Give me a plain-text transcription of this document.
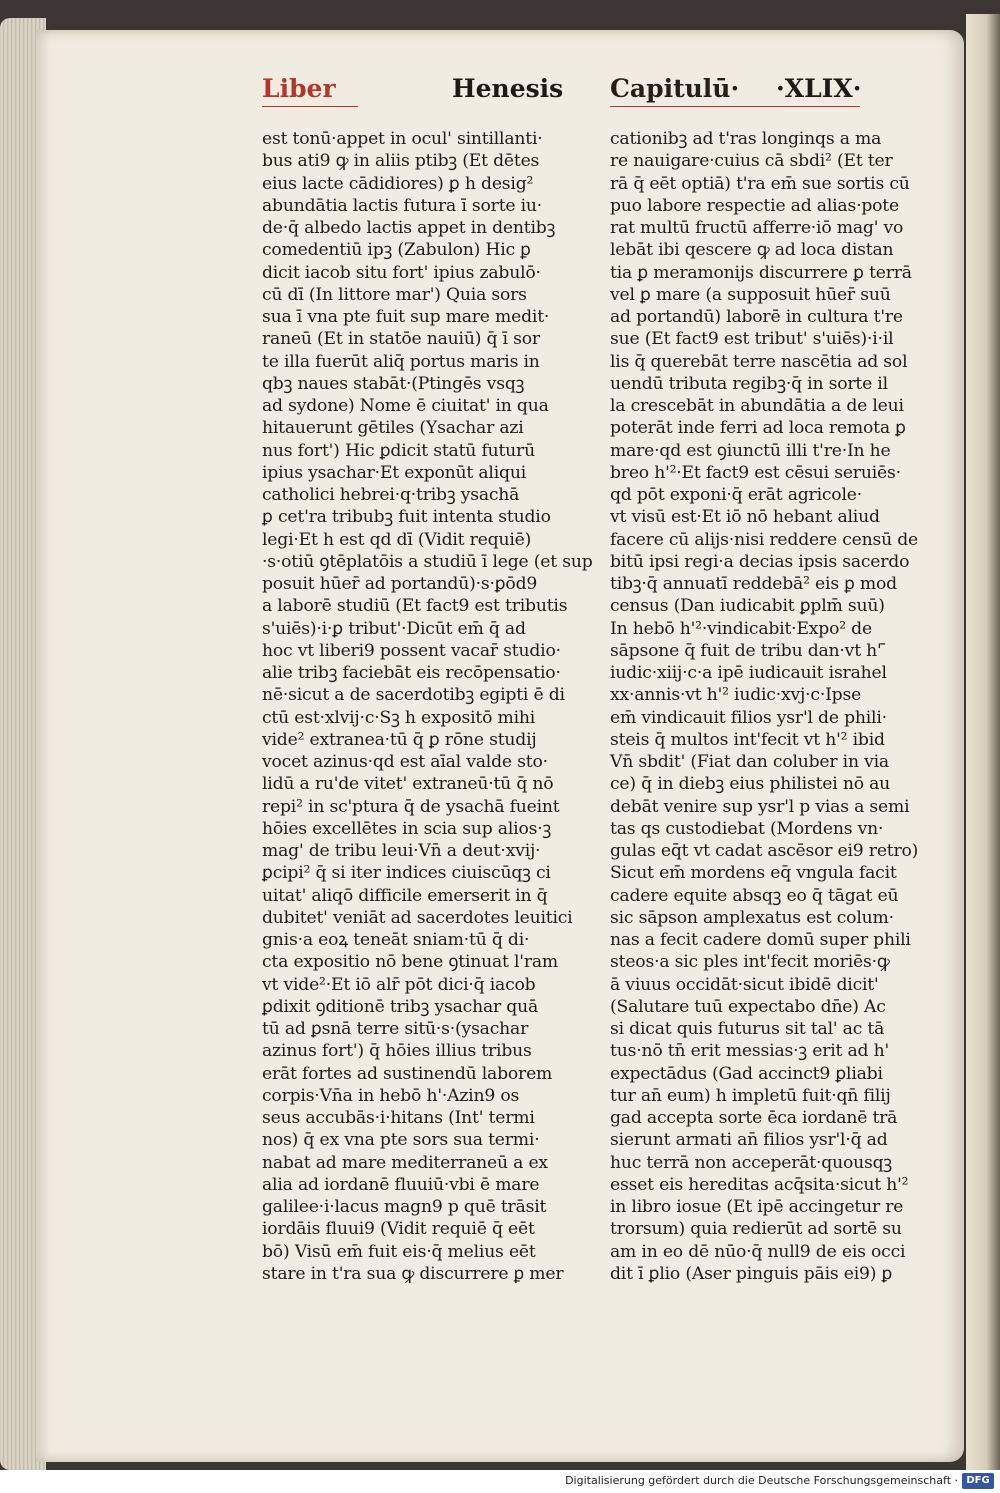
Liber	Henesis Capitulū· ·XLIX·
est tonū·appet in ocul' sintillanti·
bus ati9 ꝙ in aliis ptibꝫ (Et dētes
eius lacte cādidiores) ꝑ h desig²
abundātia lactis futura ī sorte iu·
de·q̄ albedo lactis appet in dentibꝫ
comedentiū ipꝫ (Zabulon) Hic ꝑ
dicit iacob situ fort' ipius zabulō·
cū dī (In littore mar') Quia sors
sua ī vna pte fuit sup mare medit·
raneū (Et in statōe nauiū) q̄ ī sor
te illa fuerūt aliq̄ portus maris in
qbꝫ naues stabāt·(Ptingēs vsqꝫ
ad sydone) Nome ē ciuitat' in qua
hitauerunt gētiles (Ysachar azi
nus fort') Hic ꝑdicit statū futurū
ipius ysachar·Et exponūt aliqui
catholici hebrei·q·tribꝫ ysachā
ꝑ cet'ra tribubꝫ fuit intenta studio
legi·Et h est qd dī (Vidit requiē)
·s·otiū ꝯtēplatōis a studiū ī lege (et sup
posuit hūer̄ ad portandū)·s·ꝑōd9
a laborē studiū (Et fact9 est tributis
s'uiēs)·i·ꝑ tribut'·Dicūt em̄ q̄ ad
hoc vt liberi9 possent vacar̄ studio·
alie tribꝫ faciebāt eis recōpensatio·
nē·sicut a de sacerdotibꝫ egipti ē di
ctū est·xlvij·c·Sꝫ h expositō mihi
vide² extranea·tū q̄ ꝑ rōne studij
vocet azinus·qd est aīal valde sto·
lidū a ru'de vitet' extraneū·tū q̄ nō
repi² in sc'ptura q̄ de ysachā fueint
hōies excellētes in scia sup alios·ꝫ
mag' de tribu leui·Vn̄ a deut·xvij·
ꝑcipi² q̄ si iter indices ciuiscūqꝫ ci
uitat' aliqō difficile emerserit in q̄
dubitet' veniāt ad sacerdotes leuitici
gnis·a eoꝝ teneāt sniam·tū q̄ di·
cta expositio nō bene ꝯtinuat l'ram
vt vide²·Et iō alr̄ pōt dici·q̄ iacob
ꝑdixit ꝯditionē tribꝫ ysachar quā
tū ad ꝑsnā terre sitū·s·(ysachar
azinus fort') q̄ hōies illius tribus
erāt fortes ad sustinendū laborem
corpis·Vn̄a in hebō h'·Azin9 os
seus accubās·i·hitans (Int' termi
nos) q̄ ex vna pte sors sua termi·
nabat ad mare mediterraneū a ex
alia ad iordanē fluuiū·vbi ē mare
galilee·i·lacus magn9 p quē trāsit
iordāis fluui9 (Vidit requiē q̄ eēt
bō) Visū em̄ fuit eis·q̄ melius eēt
stare in t'ra sua ꝙ discurrere ꝑ mer
cationibꝫ ad t'ras longinqs a ma
re nauigare·cuius cā sbdi² (Et ter
rā q̄ eēt optiā) t'ra em̄ sue sortis cū
puo labore respectie ad alias·pote
rat multū fructū afferre·iō mag' vo
lebāt ibi qescere ꝙ ad loca distan
tia ꝑ meramonijs discurrere ꝑ terrā
vel ꝑ mare (a supposuit hūer̄ suū
ad portandū) laborē in cultura t're
sue (Et fact9 est tribut' s'uiēs)·i·il
lis q̄ querebāt terre nascētia ad sol
uendū tributa regibꝫ·q̄ in sorte il
la crescebāt in abundātia a de leui
poterāt inde ferri ad loca remota ꝑ
mare·qd est ꝯiunctū illi t're·In he
breo h'²·Et fact9 est cēsui seruiēs·
qd pōt exponi·q̄ erāt agricole·
vt visū est·Et iō nō hebant aliud
facere cū alijs·nisi reddere censū de
bitū ipsi regi·a decias ipsis sacerdo
tibꝫ·q̄ annuatī reddebā² eis ꝑ mod
census (Dan iudicabit ꝑplm̄ suū)
In hebō h'²·vindicabit·Expo² de
sāpsone q̄ fuit de tribu dan·vt h' ̄
iudic·xiij·c·a ipē iudicauit israhel
xx·annis·vt h'² iudic·xvj·c·Ipse
em̄ vindicauit filios ysr'l de phili·
steis q̄ multos int'fecit vt h'² ibid
Vn̄ sbdit' (Fiat dan coluber in via
ce) q̄ in diebꝫ eius philistei nō au
debāt venire sup ysr'l p vias a semi
tas qs custodiebat (Mordens vn·
gulas eq̄t vt cadat ascēsor ei9 retro)
Sicut em̄ mordens eq̄ vngula facit
cadere equite absqꝫ eo q̄ tāgat eū
sic sāpson amplexatus est colum·
nas a fecit cadere domū super phili
steos·a sic ples int'fecit moriēs·ꝙ
ā viuus occidāt·sicut ibidē dicit'
(Salutare tuū expectabo dn̄e) Ac
si dicat quis futurus sit tal' ac tā
tus·nō tn̄ erit messias·ꝫ erit ad h'
expectādus (Gad accinct9 ꝑliabi
tur an̄ eum) h impletū fuit·qn̄ filij
gad accepta sorte ēca iordanē trā
sierunt armati an̄ filios ysr'l·q̄ ad
huc terrā non acceperāt·quousqꝫ
esset eis hereditas acq̄sita·sicut h'²
in libro iosue (Et ipē accingetur re
trorsum) quia redierūt ad sortē su
am in eo dē nūo·q̄ null9 de eis occi
dit ī ꝑlio (Aser pinguis pāis ei9) ꝑ
Digitalisierung gefördert durch die Deutsche Forschungsgemeinschaft · DFG
